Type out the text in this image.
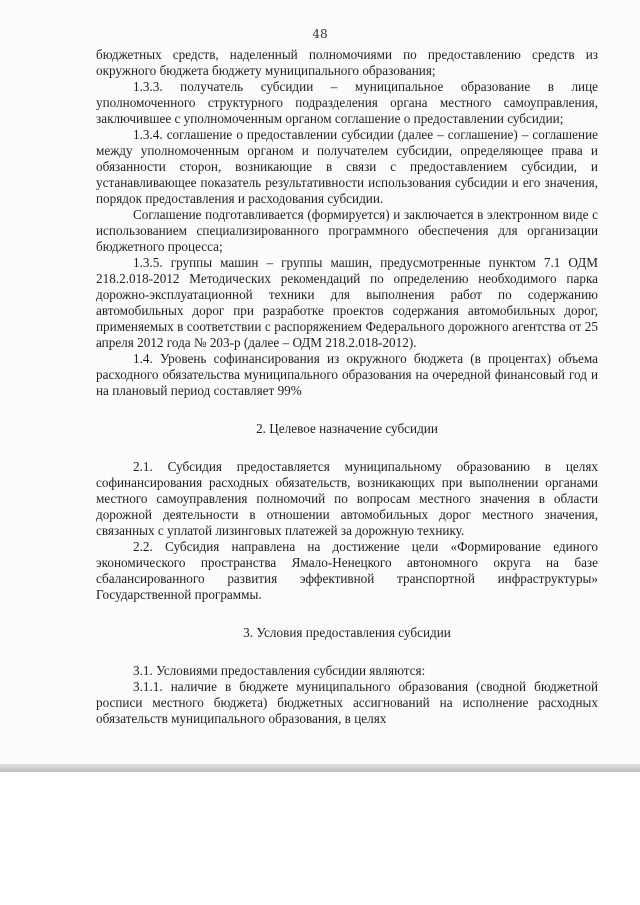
48

бюджетных средств, наделенный полномочиями по предоставлению средств из окружного бюджета бюджету муниципального образования;

1.3.3. получатель субсидии – муниципальное образование в лице уполномоченного структурного подразделения органа местного самоуправления, заключившее с уполномоченным органом соглашение о предоставлении субсидии;

1.3.4. соглашение о предоставлении субсидии (далее – соглашение) – соглашение между уполномоченным органом и получателем субсидии, определяющее права и обязанности сторон, возникающие в связи с предоставлением субсидии, и устанавливающее показатель результативности использования субсидии и его значения, порядок предоставления и расходования субсидии.

Соглашение подготавливается (формируется) и заключается в электронном виде с использованием специализированного программного обеспечения для организации бюджетного процесса;

1.3.5. группы машин – группы машин, предусмотренные пунктом 7.1 ОДМ 218.2.018-2012 Методических рекомендаций по определению необходимого парка дорожно-эксплуатационной техники для выполнения работ по содержанию автомобильных дорог при разработке проектов содержания автомобильных дорог, применяемых в соответствии с распоряжением Федерального дорожного агентства от 25 апреля 2012 года № 203-р (далее – ОДМ 218.2.018-2012).

1.4. Уровень софинансирования из окружного бюджета (в процентах) объема расходного обязательства муниципального образования на очередной финансовый год и на плановый период составляет 99%

2. Целевое назначение субсидии

2.1. Субсидия предоставляется муниципальному образованию в целях софинансирования расходных обязательств, возникающих при выполнении органами местного самоуправления полномочий по вопросам местного значения в области дорожной деятельности в отношении автомобильных дорог местного значения, связанных с уплатой лизинговых платежей за дорожную технику.

2.2. Субсидия направлена на достижение цели «Формирование единого экономического пространства Ямало-Ненецкого автономного округа на базе сбалансированного развития эффективной транспортной инфраструктуры» Государственной программы.

3. Условия предоставления субсидии

3.1. Условиями предоставления субсидии являются:

3.1.1. наличие в бюджете муниципального образования (сводной бюджетной росписи местного бюджета) бюджетных ассигнований на исполнение расходных обязательств муниципального образования, в целях
